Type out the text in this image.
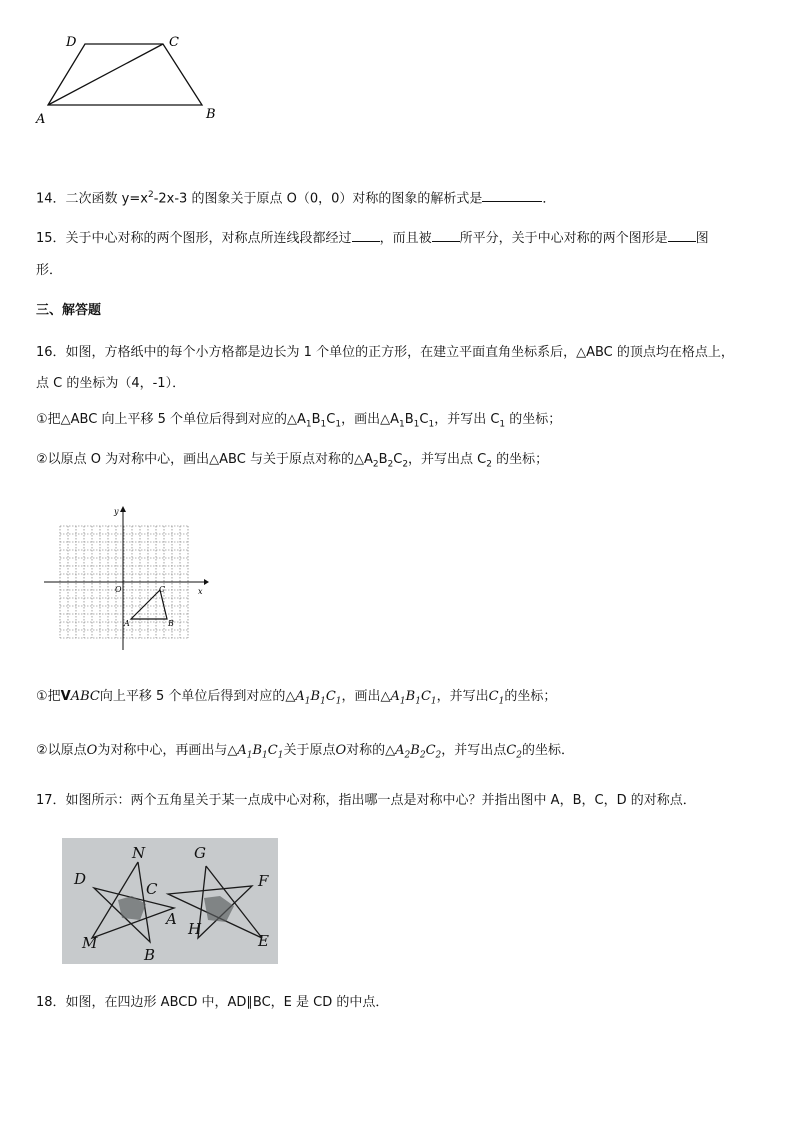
D	C
A	B
14．二次函数 $y=x^2-2x-3$ 的图象关于原点 O（0，0）对称的图象的解析式是	．
15．关于中心对称的两个图形，对称点所连线段都经过 ，而且被 所平分，关于中心对称的两个图形是 图
形．
三、解答题
16．如图，方格纸中的每个小方格都是边长为 1 个单位的正方形，在建立平面直角坐标系后，△ABC 的顶点均在格点上，
点 C 的坐标为（4，-1）．
①把△ABC 向上平移 5 个单位后得到对应的$\triangle A_1B_1C_1$，画出$\triangle A_1B_1C_1$，并写出 $C_1$ 的坐标；
②以原点 O 为对称中心，画出△ABC 与关于原点对称的$\triangle A_2B_2C_2$，并写出点 $C_2$ 的坐标；
y
x
O	C
A	B
①把VABC向上平移 5 个单位后得到对应的$\triangle A_1B_1C_1$，画出$\triangle A_1B_1C_1$，并写出$C_1$的坐标；
②以原点O为对称中心，再画出与$\triangle A_1B_1C_1$关于原点O对称的$\triangle A_2B_2C_2$，并写出点$C_2$的坐标．
17．如图所示：两个五角星关于某一点成中心对称，指出哪一点是对称中心？并指出图中 A，B，C，D 的对称点．
N	G
D
C	F
A
H
M
B
E
18．如图，在四边形 ABCD 中，AD∥BC，E 是 CD 的中点．
